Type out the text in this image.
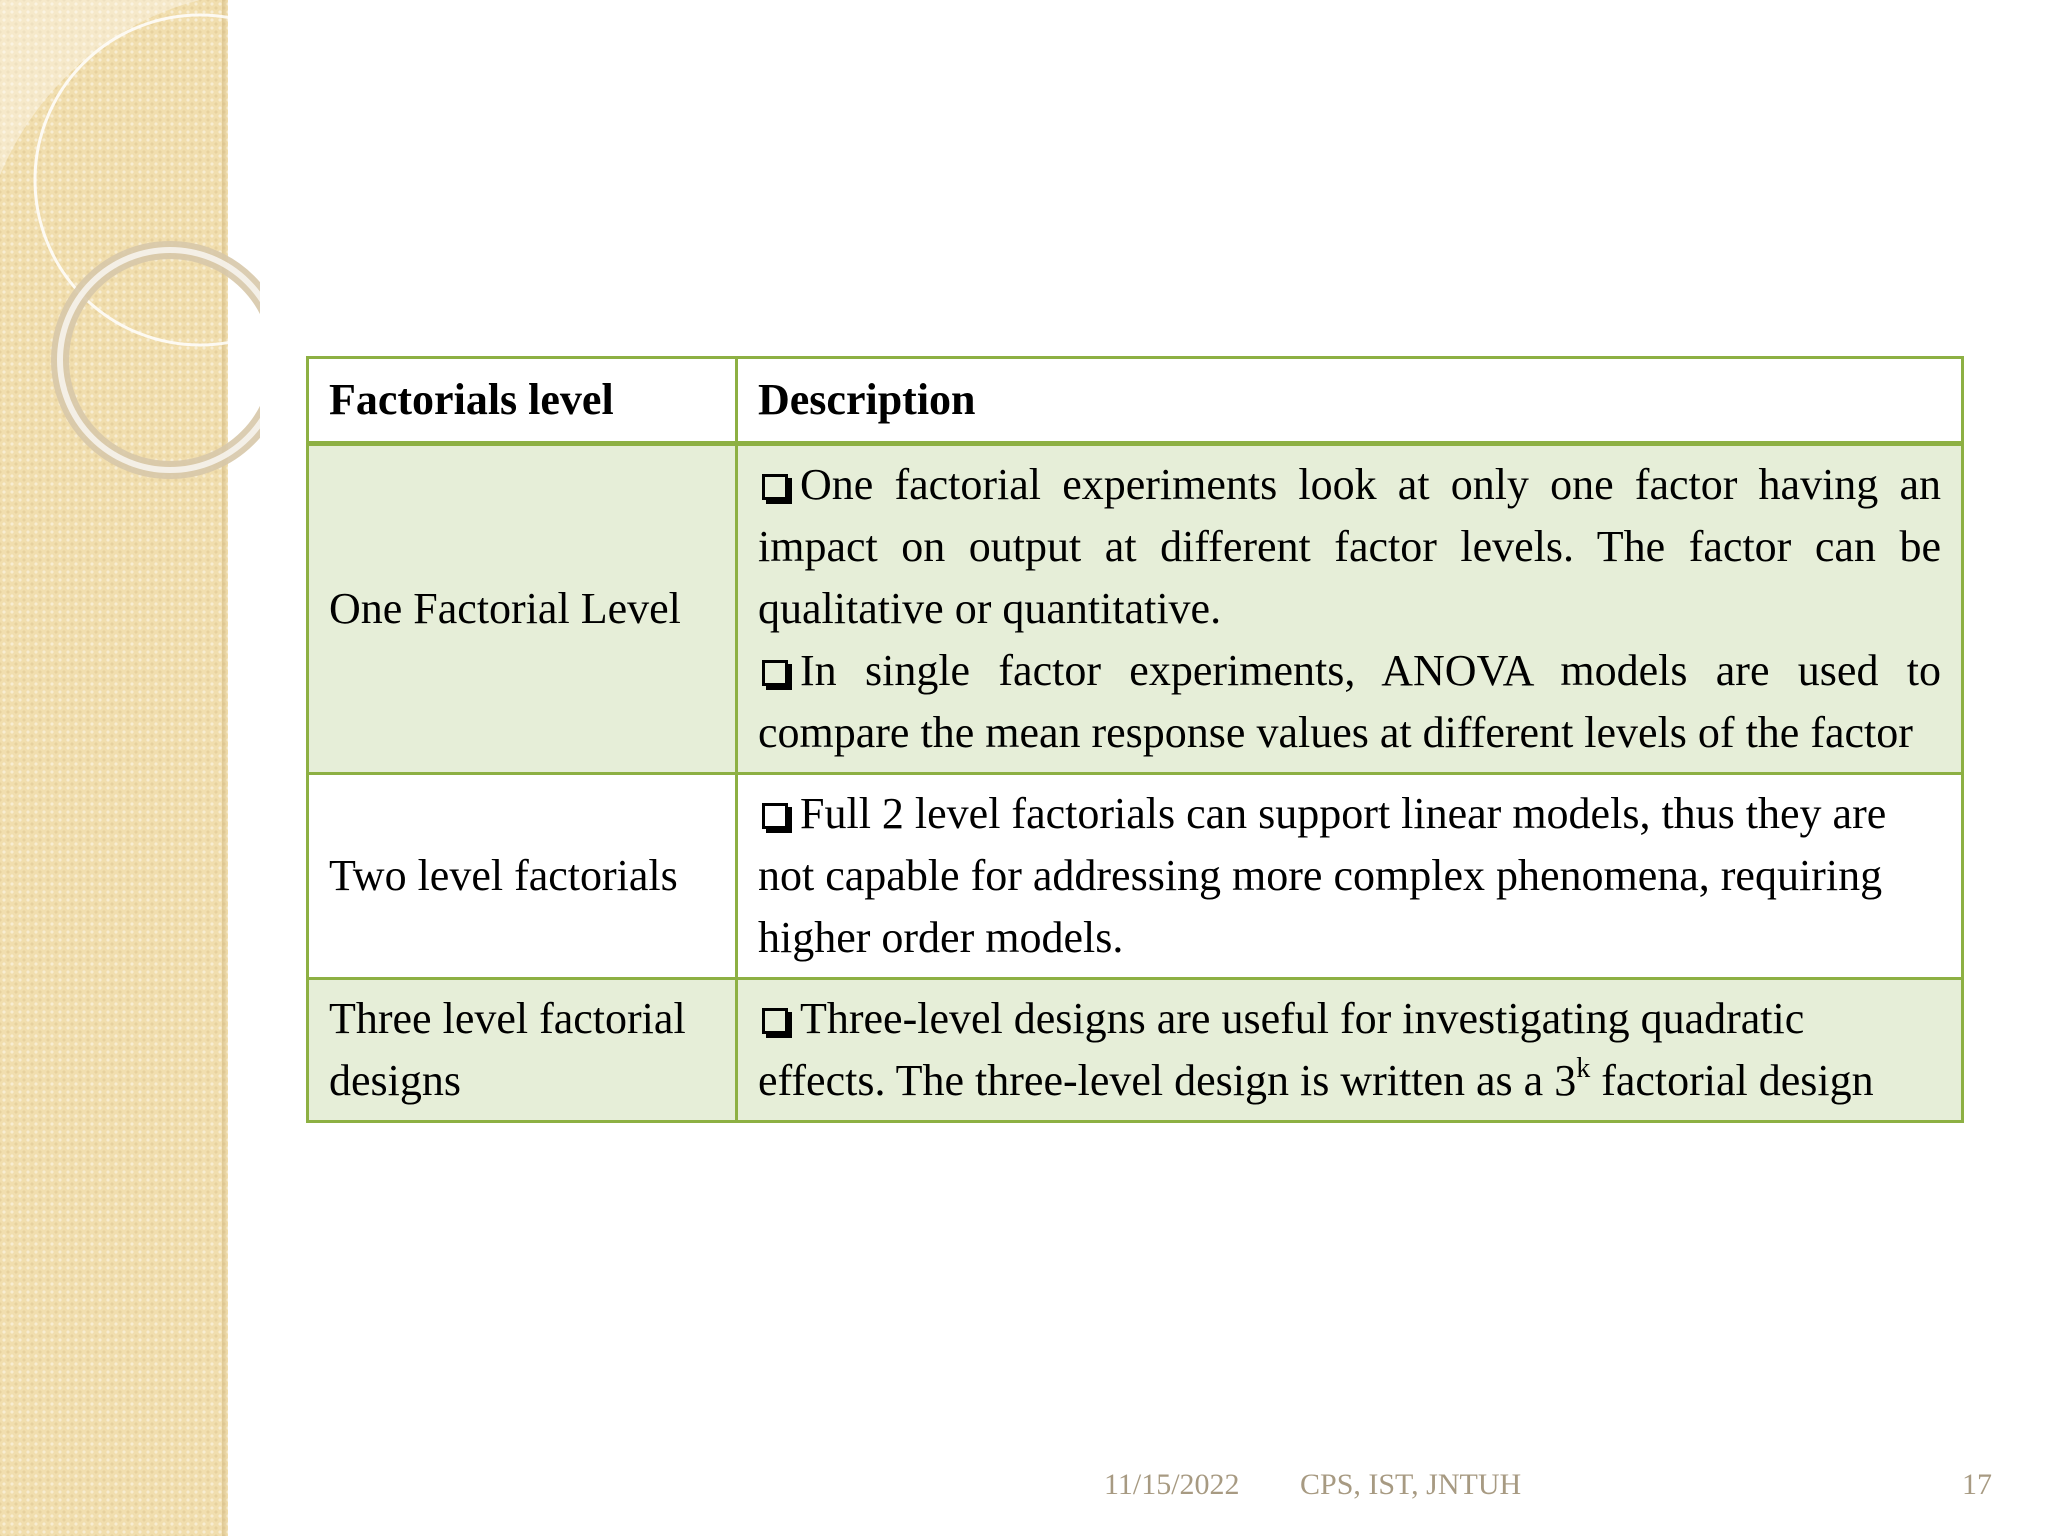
Factorials level	Description
One Factorial Level	One factorial experiments look at only one factor having an impact on output at different factor levels. The factor can be qualitative or quantitative.

In single factor experiments, ANOVA models are used to compare the mean response values at different levels of the factor

Two level factorials	Full 2 level factorials can support linear models, thus they are not capable for addressing more complex phenomena, requiring higher order models.

Three level factorial designs	Three-level designs are useful for investigating quadratic effects. The three-level design is written as a 3$^k$ factorial design

11/15/2022 CPS, IST, JNTUH	17
